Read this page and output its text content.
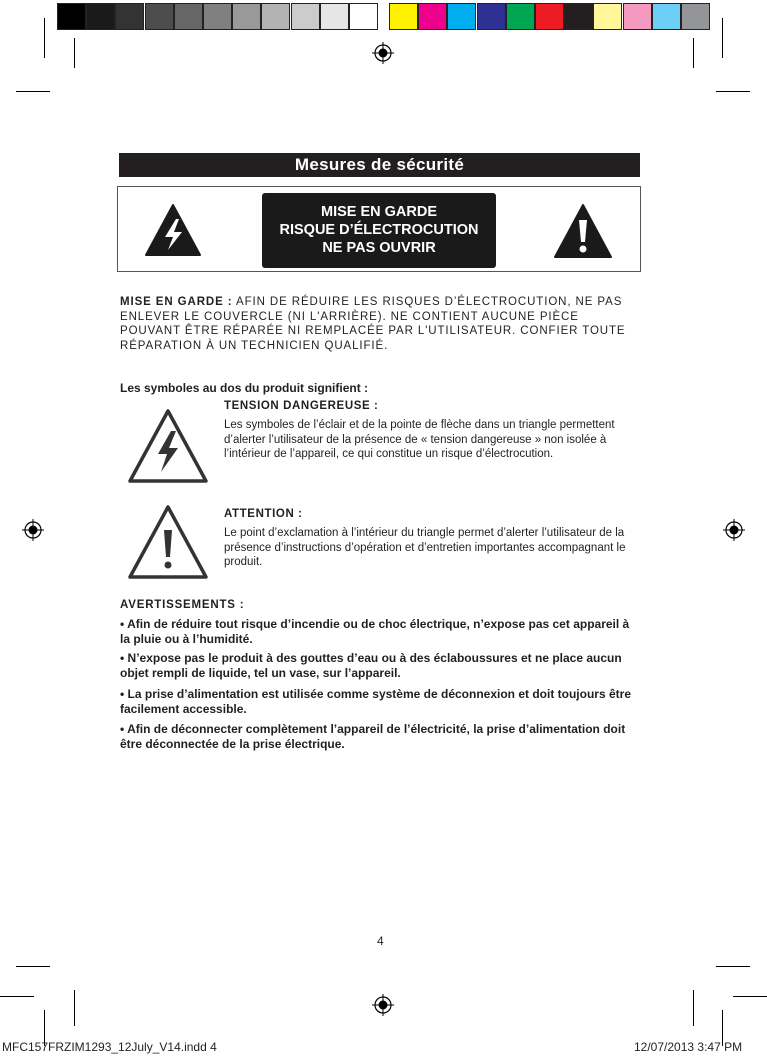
Mesures de sécurité
MISE EN GARDE
RISQUE D’ÉLECTROCUTION
NE PAS OUVRIR
MISE EN GARDE : AFIN DE RÉDUIRE LES RISQUES D’ÉLECTROCUTION, NE PAS ENLEVER LE COUVERCLE (NI L'ARRIÈRE). NE CONTIENT AUCUNE PIÈCE POUVANT ÊTRE RÉPARÉE NI REMPLACÉE PAR L'UTILISATEUR. CONFIER TOUTE RÉPARATION À UN TECHNICIEN QUALIFIÉ.
Les symboles au dos du produit signifient :
TENSION DANGEREUSE :
Les symboles de l’éclair et de la pointe de flèche dans un triangle permettent d’alerter l’utilisateur de la présence de « tension dangereuse » non isolée à l’intérieur de l’appareil, ce qui constitue un risque d’électrocution.
ATTENTION :
Le point d’exclamation à l’intérieur du triangle permet d’alerter l’utilisateur de la présence d’instructions d’opération et d’entretien importantes accompagnant le produit.
AVERTISSEMENTS :
• Afin de réduire tout risque d’incendie ou de choc électrique, n’expose pas cet appareil à la pluie ou à l’humidité.
• N’expose pas le produit à des gouttes d’eau ou à des éclaboussures et ne place aucun objet rempli de liquide, tel un vase, sur l’appareil.
• La prise d’alimentation est utilisée comme système de déconnexion et doit toujours être facilement accessible.
• Afin de déconnecter complètement l’appareil de l’électricité, la prise d’alimentation doit être déconnectée de la prise électrique.
4
MFC157FRZIM1293_12July_V14.indd 4	12/07/2013 3:47 PM
